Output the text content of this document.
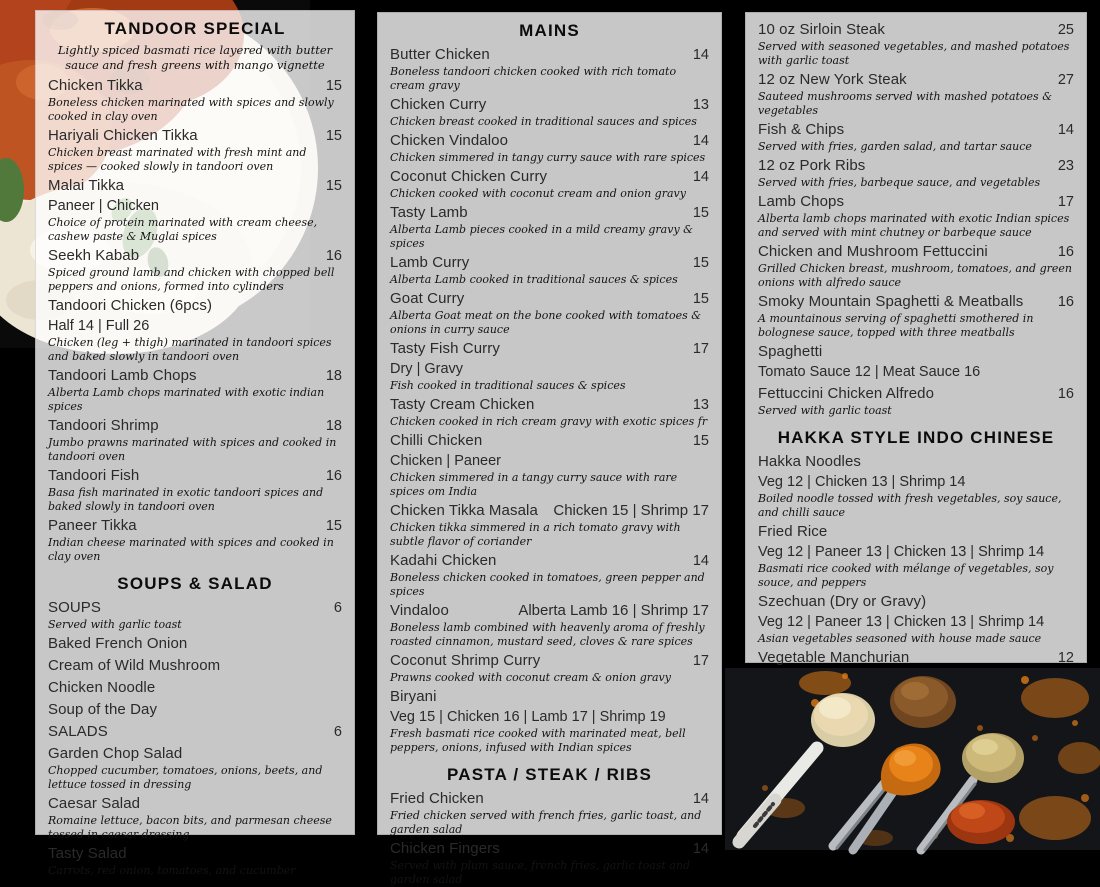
TANDOOR SPECIAL
Lightly spiced basmati rice layered with butter sauce and fresh greens with mango vignette
Chicken Tikka	15
Boneless chicken marinated with spices and slowly cooked in clay oven
Hariyali Chicken Tikka	15
Chicken breast marinated with fresh mint and spices — cooked slowly in tandoori oven
Malai Tikka	15
Paneer | Chicken
Choice of protein marinated with cream cheese, cashew paste & Muglai spices
Seekh Kabab	16
Spiced ground lamb and chicken with chopped bell peppers and onions, formed into cylinders
Tandoori Chicken (6pcs)
Half 14 | Full 26
Chicken (leg + thigh) marinated in tandoori spices and baked slowly in tandoori oven
Tandoori Lamb Chops	18
Alberta Lamb chops marinated with exotic indian spices
Tandoori Shrimp	18
Jumbo prawns marinated with spices and cooked in tandoori oven
Tandoori Fish	16
Basa fish marinated in exotic tandoori spices and baked slowly in tandoori oven
Paneer Tikka	15
Indian cheese marinated with spices and cooked in clay oven
SOUPS & SALAD
SOUPS	6
Served with garlic toast
Baked French Onion
Cream of Wild Mushroom
Chicken Noodle
Soup of the Day
SALADS	6
Garden Chop Salad
Chopped cucumber, tomatoes, onions, beets, and lettuce tossed in dressing
Caesar Salad
Romaine lettuce, bacon bits, and parmesan cheese tossed in caesar dressing
Tasty Salad
Carrots, red onion, tomatoes, and cucumber
MAINS
Butter Chicken	14
Boneless tandoori chicken cooked with rich tomato cream gravy
Chicken Curry	13
Chicken breast cooked in traditional sauces and spices
Chicken Vindaloo	14
Chicken simmered in tangy curry sauce with rare spices
Coconut Chicken Curry	14
Chicken cooked with coconut cream and onion gravy
Tasty Lamb	15
Alberta Lamb pieces cooked in a mild creamy gravy & spices
Lamb Curry	15
Alberta Lamb cooked in traditional sauces & spices
Goat Curry	15
Alberta Goat meat on the bone cooked with tomatoes & onions in curry sauce
Tasty Fish Curry	17
Dry | Gravy
Fish cooked in traditional sauces & spices
Tasty Cream Chicken	13
Chicken cooked in rich cream gravy with exotic spices fr
Chilli Chicken	15
Chicken | Paneer
Chicken simmered in a tangy curry sauce with rare spices om India
Chicken Tikka Masala Chicken 15 | Shrimp 17
Chicken tikka simmered in a rich tomato gravy with subtle flavor of coriander
Kadahi Chicken	14
Boneless chicken cooked in tomatoes, green pepper and spices
Vindaloo	Alberta Lamb 16 | Shrimp 17
Boneless lamb combined with heavenly aroma of freshly roasted cinnamon, mustard seed, cloves & rare spices
Coconut Shrimp Curry	17
Prawns cooked with coconut cream & onion gravy
Biryani
Veg 15 | Chicken 16 | Lamb 17 | Shrimp 19
Fresh basmati rice cooked with marinated meat, bell peppers, onions, infused with Indian spices
PASTA / STEAK / RIBS
Fried Chicken	14
Fried chicken served with french fries, garlic toast, and garden salad
Chicken Fingers	14
Served with plum sauce, french fries, garlic toast and garden salad
10 oz Sirloin Steak	25
Served with seasoned vegetables, and mashed potatoes with garlic toast
12 oz New York Steak	27
Sauteed mushrooms served with mashed potatoes & vegetables
Fish & Chips	14
Served with fries, garden salad, and tartar sauce
12 oz Pork Ribs	23
Served with fries, barbeque sauce, and vegetables
Lamb Chops	17
Alberta lamb chops marinated with exotic Indian spices and served with mint chutney or barbeque sauce
Chicken and Mushroom Fettuccini	16
Grilled Chicken breast, mushroom, tomatoes, and green onions with alfredo sauce
Smoky Mountain Spaghetti & Meatballs	16
A mountainous serving of spaghetti smothered in bolognese sauce, topped with three meatballs
Spaghetti
Tomato Sauce 12 | Meat Sauce 16
Fettuccini Chicken Alfredo	16
Served with garlic toast
HAKKA STYLE INDO CHINESE
Hakka Noodles
Veg 12 | Chicken 13 | Shrimp 14
Boiled noodle tossed with fresh vegetables, soy sauce, and chilli sauce
Fried Rice
Veg 12 | Paneer 13 | Chicken 13 | Shrimp 14
Basmati rice cooked with mélange of vegetables, soy souce, and peppers
Szechuan (Dry or Gravy)
Veg 12 | Paneer 13 | Chicken 13 | Shrimp 14
Asian vegetables seasoned with house made sauce
Vegetable Manchurian	12
